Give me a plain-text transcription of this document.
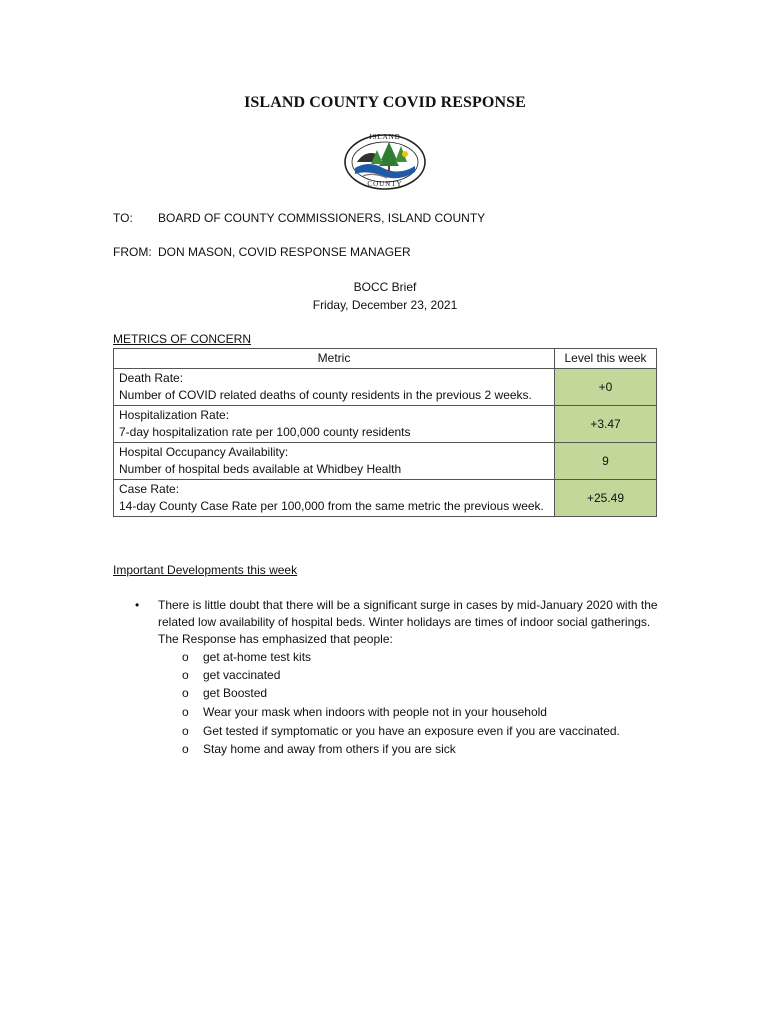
ISLAND COUNTY COVID RESPONSE
ISLAND
COUNTY
TO: BOARD OF COUNTY COMMISSIONERS, ISLAND COUNTY
FROM: DON MASON, COVID RESPONSE MANAGER
BOCC Brief
Friday, December 23, 2021
METRICS OF CONCERN
Metric	Level this week

Death Rate:
Number of COVID related deaths of county residents in the previous 2 weeks.	+0

Hospitalization Rate:
7-day hospitalization rate per 100,000 county residents	+3.47

Hospital Occupancy Availability:
Number of hospital beds available at Whidbey Health	9

Case Rate:
14-day County Case Rate per 100,000 from the same metric the previous week.	+25.49
Important Developments this week
• There is little doubt that there will be a significant surge in cases by mid-January 2020 with the related low availability of hospital beds. Winter holidays are times of indoor social gatherings. The Response has emphasized that people:
o get at-home test kits
o get vaccinated
o get Boosted
o Wear your mask when indoors with people not in your household
o Get tested if symptomatic or you have an exposure even if you are vaccinated.
o Stay home and away from others if you are sick
